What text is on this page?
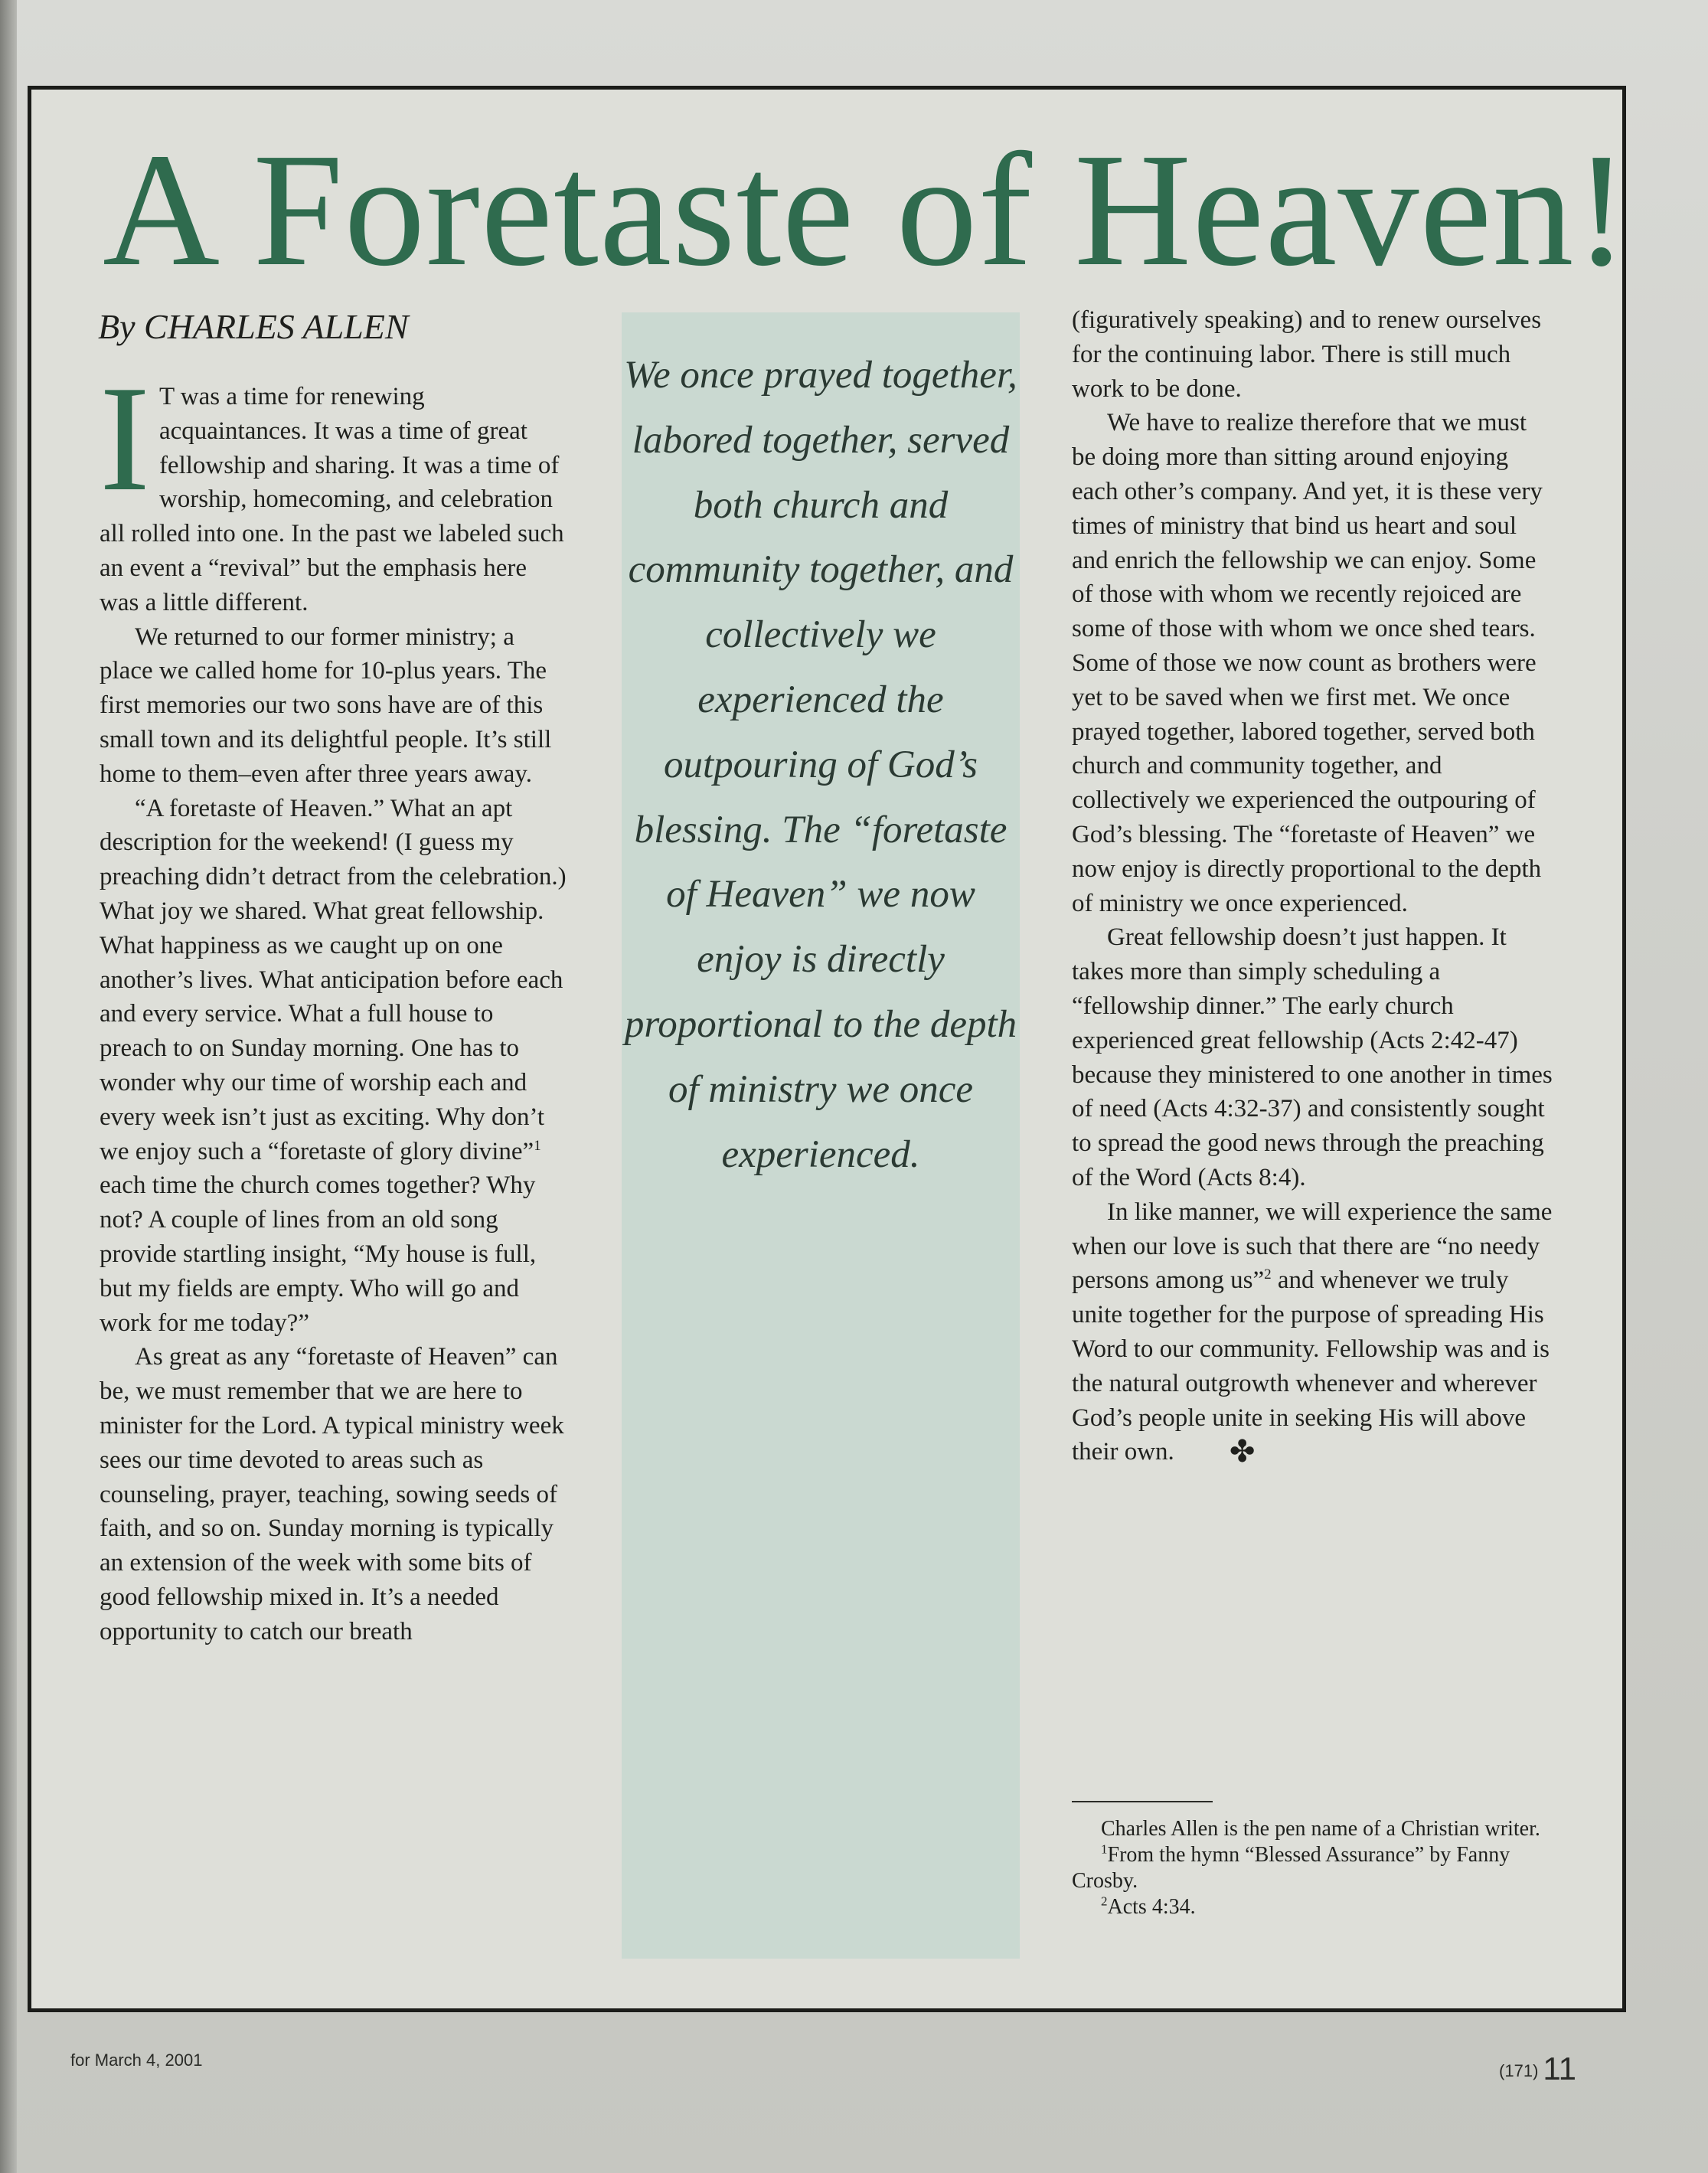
A Foretaste of Heaven!
By CHARLES ALLEN

I T was a time for renewing acquaintances. It was a time of great fellowship and sharing. It was a time of worship, homecoming, and celebration all rolled into one. In the past we labeled such an event a “revival” but the emphasis here was a little different.

We returned to our former ministry; a place we called home for 10-plus years. The first memories our two sons have are of this small town and its delightful people. It’s still home to them–even after three years away.

“A foretaste of Heaven.” What an apt description for the weekend! (I guess my preaching didn’t detract from the celebration.) What joy we shared. What great fellowship. What happiness as we caught up on one another’s lives. What anticipation before each and every service. What a full house to preach to on Sunday morning. One has to wonder why our time of worship each and every week isn’t just as exciting. Why don’t we enjoy such a “foretaste of glory divine”$^1$ each time the church comes together? Why not? A couple of lines from an old song provide startling insight, “My house is full, but my fields are empty. Who will go and work for me today?”

As great as any “foretaste of Heaven” can be, we must remember that we are here to minister for the Lord. A typical ministry week sees our time devoted to areas such as counseling, prayer, teaching, sowing seeds of faith, and so on. Sunday morning is typically an extension of the week with some bits of good fellowship mixed in. It’s a needed opportunity to catch our breath

We once prayed together, labored together, served both church and community together, and collectively we experienced the outpouring of God’s blessing. The “foretaste of Heaven” we now enjoy is directly proportional to the depth of ministry we once experienced.

(figuratively speaking) and to renew ourselves for the continuing labor. There is still much work to be done.

We have to realize therefore that we must be doing more than sitting around enjoying each other’s company. And yet, it is these very times of ministry that bind us heart and soul and enrich the fellowship we can enjoy. Some of those with whom we recently rejoiced are some of those with whom we once shed tears. Some of those we now count as brothers were yet to be saved when we first met. We once prayed together, labored together, served both church and community together, and collectively we experienced the outpouring of God’s blessing. The “foretaste of Heaven” we now enjoy is directly proportional to the depth of ministry we once experienced.

Great fellowship doesn’t just happen. It takes more than simply scheduling a “fellowship dinner.” The early church experienced great fellowship (Acts 2:42-47) because they ministered to one another in times of need (Acts 4:32-37) and consistently sought to spread the good news through the preaching of the Word (Acts 8:4).

In like manner, we will experience the same when our love is such that there are “no needy persons among us”$^2$ and whenever we truly unite together for the purpose of spreading His Word to our community. Fellowship was and is the natural outgrowth whenever and wherever God’s people unite in seeking His will above their own. ✤

Charles Allen is the pen name of a Christian writer.

$^1$From the hymn “Blessed Assurance” by Fanny Crosby.

$^2$Acts 4:34.

for March 4, 2001
(171) 11
